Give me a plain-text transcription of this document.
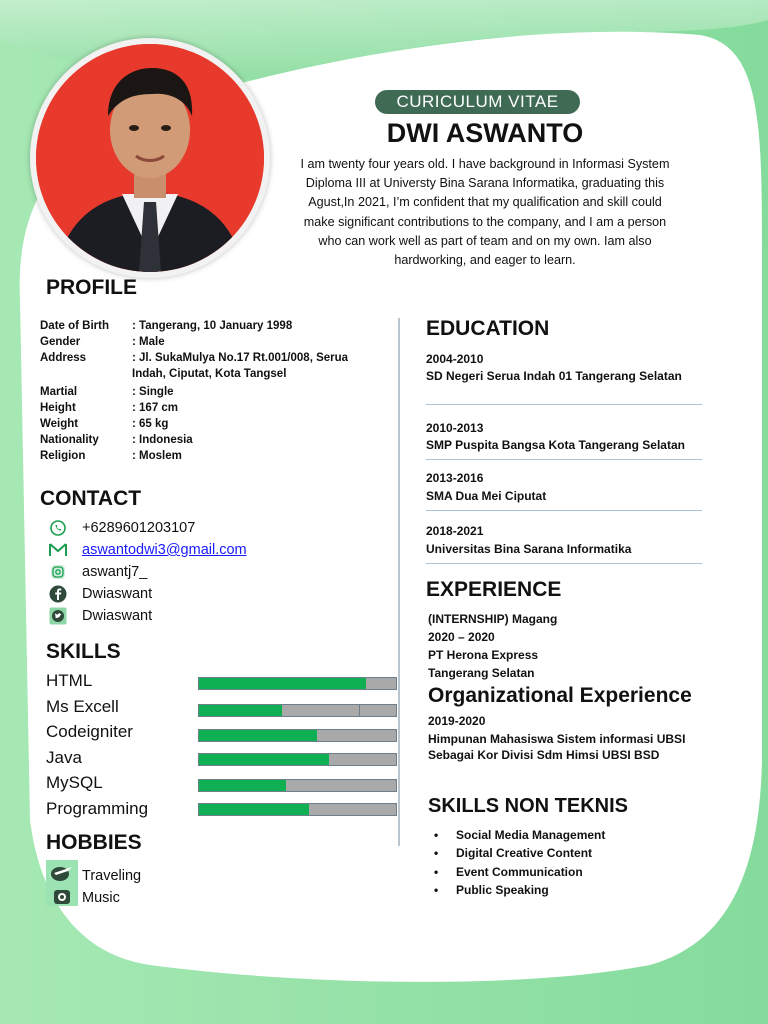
CURICULUM VITAE
DWI ASWANTO
I am twenty four years old. I have background in Informasi System Diploma III at Universty Bina Sarana Informatika, graduating this Agust,In 2021, I’m confident that my qualification and skill could make significant contributions to the company, and I am a person who can work well as part of team and on my own. Iam also hardworking, and eager to learn.
PROFILE
Date of Birth	: Tangerang, 10 January 1998
Gender	: Male
Address	: Jl. SukaMulya No.17 Rt.001/008, Serua Indah, Ciputat, Kota Tangsel
Martial	: Single
Height	: 167 cm
Weight	: 65 kg
Nationality	: Indonesia
Religion	: Moslem
CONTACT
+6289601203107
aswantodwi3@gmail.com
aswantj7_
Dwiaswant
Dwiaswant
SKILLS
HTML
Ms Excell
Codeigniter
Java
MySQL
Programming
HOBBIES
Traveling
Music
EDUCATION
2004-2010
SD Negeri Serua Indah 01 Tangerang Selatan
2010-2013
SMP Puspita Bangsa Kota Tangerang Selatan
2013-2016
SMA Dua Mei Ciputat
2018-2021
Universitas Bina Sarana Informatika
EXPERIENCE
(INTERNSHIP) Magang
2020 – 2020
PT Herona Express
Tangerang Selatan
Organizational Experience
2019-2020
Himpunan Mahasiswa Sistem informasi UBSI
Sebagai Kor Divisi Sdm Himsi UBSI BSD
SKILLS NON TEKNIS
• Social Media Management
• Digital Creative Content
• Event Communication
• Public Speaking
